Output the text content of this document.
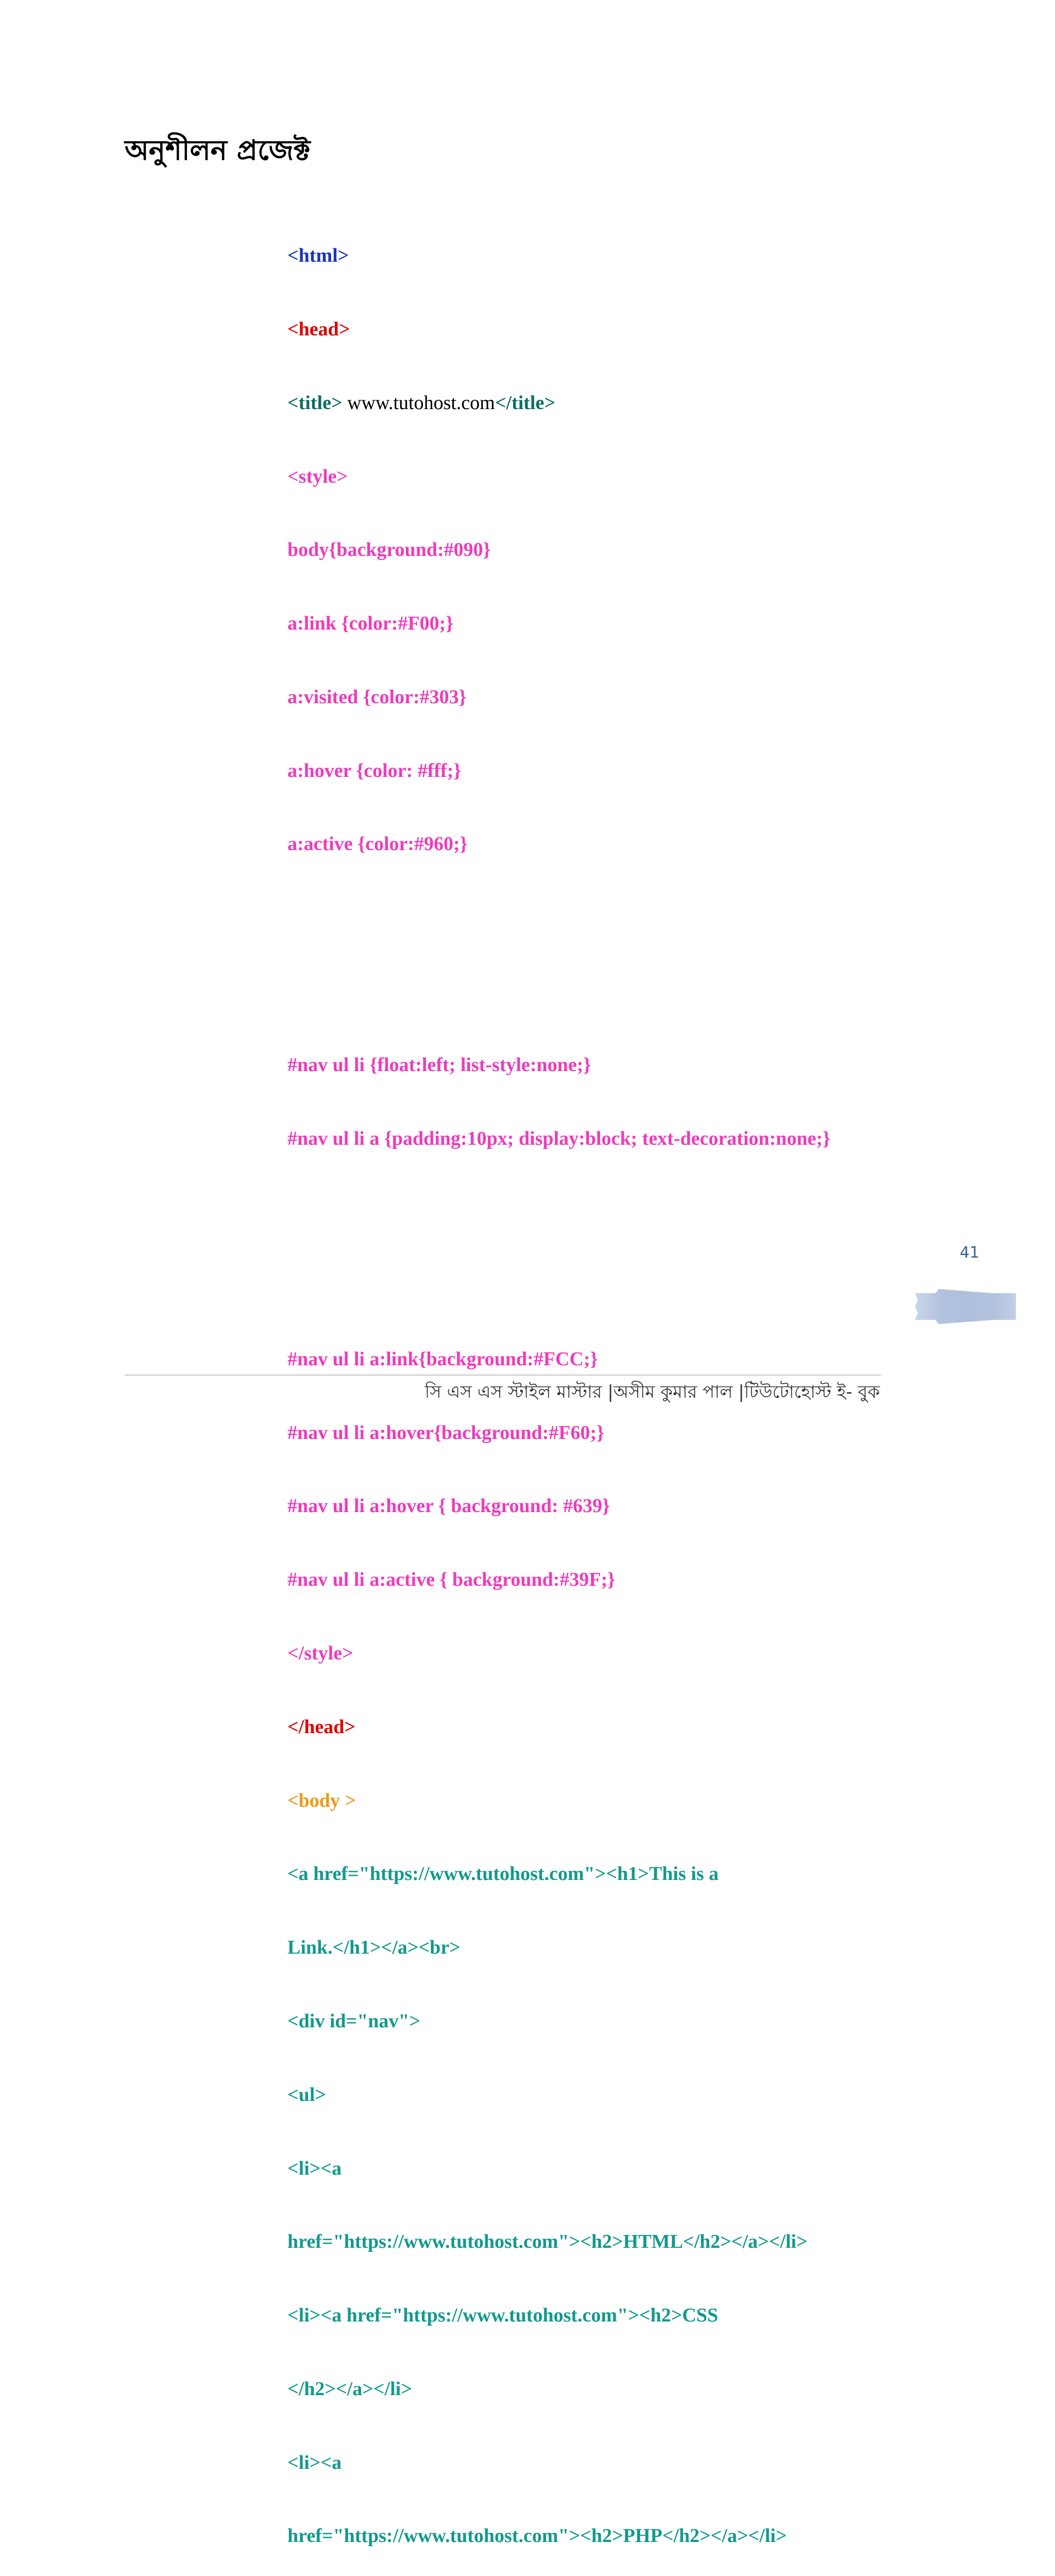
অনুশীলন প্রজেক্ট

<html>

<head>

<title> www.tutohost.com</title>

<style>

body{background:#090}

a:link {color:#F00;}

a:visited {color:#303}

a:hover {color: #fff;}

a:active {color:#960;}

#nav ul li {float:left; list-style:none;}

#nav ul li a {padding:10px; display:block; text-decoration:none;}

#nav ul li a:link{background:#FCC;}

#nav ul li a:hover{background:#F60;}

#nav ul li a:hover { background: #639}

#nav ul li a:active { background:#39F;}

</style>

</head>

<body >

<a href="https://www.tutohost.com"><h1>This is a

Link.</h1></a><br>

<div id="nav">

<ul>

<li><a

href="https://www.tutohost.com"><h2>HTML</h2></a></li>

<li><a href="https://www.tutohost.com"><h2>CSS

</h2></a></li>

<li><a

href="https://www.tutohost.com"><h2>PHP</h2></a></li>

41
সি এস এস স্টাইল মাস্টার |অসীম কুমার পাল |টিউটোহোস্ট ই- বুক
